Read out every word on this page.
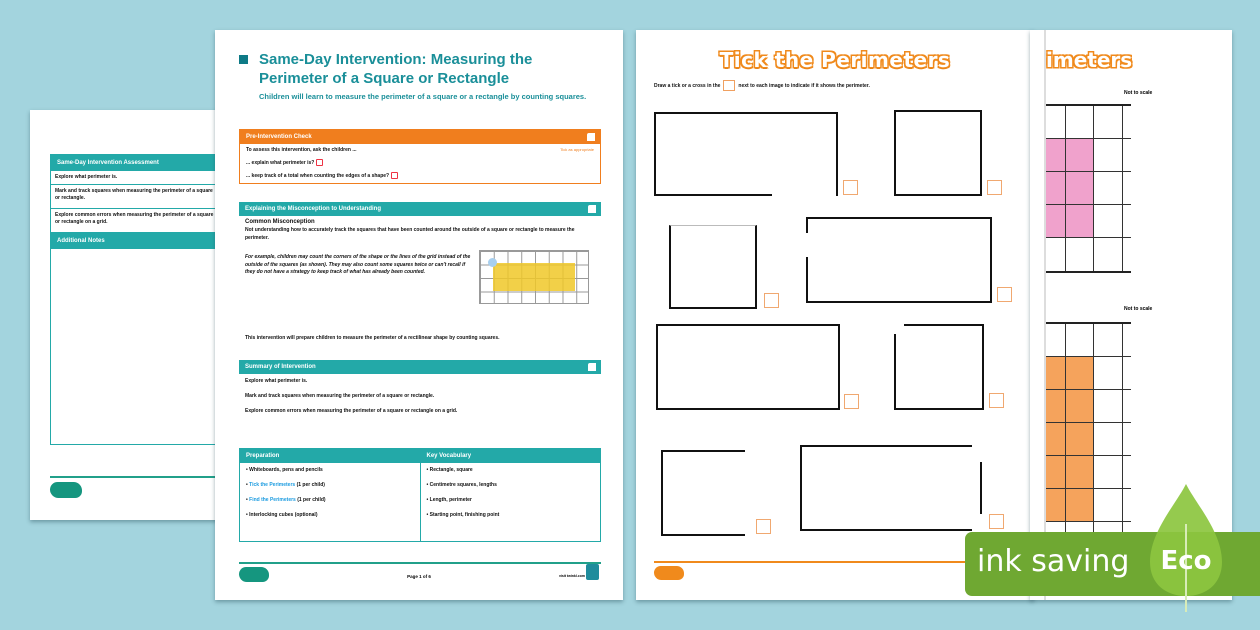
Same-Day Intervention Assessment
Explore what perimeter is.
Mark and track squares when measuring the perimeter of a square or rectangle.
Explore common errors when measuring the perimeter of a square or rectangle on a grid.
Additional Notes
Same-Day Intervention: Measuring the Perimeter of a Square or Rectangle
Children will learn to measure the perimeter of a square or a rectangle by counting squares.
Pre-Intervention Check
Tick as appropriate
To assess this intervention, ask the children ...
... explain what perimeter is?
... keep track of a total when counting the edges of a shape?
Explaining the Misconception to Understanding
Common Misconception
Not understanding how to accurately track the squares that have been counted around the outside of a square or rectangle to measure the perimeter.
For example, children may count the corners of the shape or the lines of the grid instead of the outside of the squares (as shown). They may also count some squares twice or can't recall if they do not have a strategy to keep track of what has already been counted.
This intervention will prepare children to measure the perimeter of a rectilinear shape by counting squares.
Summary of Intervention
Explore what perimeter is.
Mark and track squares when measuring the perimeter of a square or rectangle.
Explore common errors when measuring the perimeter of a square or rectangle on a grid.
Preparation
• Whiteboards, pens and pencils
• Tick the Perimeters (1 per child)
• Find the Perimeters (1 per child)
• Interlocking cubes (optional)
Key Vocabulary
• Rectangle, square
• Centimetre squares, lengths
• Length, perimeter
• Starting point, finishing point
Page 1 of 6	visit twinkl.com
Tick the Perimeters
Draw a tick or a cross in the	next to each image to indicate if it shows the perimeter.
imeters
Not to scale
Not to scale
ink saving Eco
